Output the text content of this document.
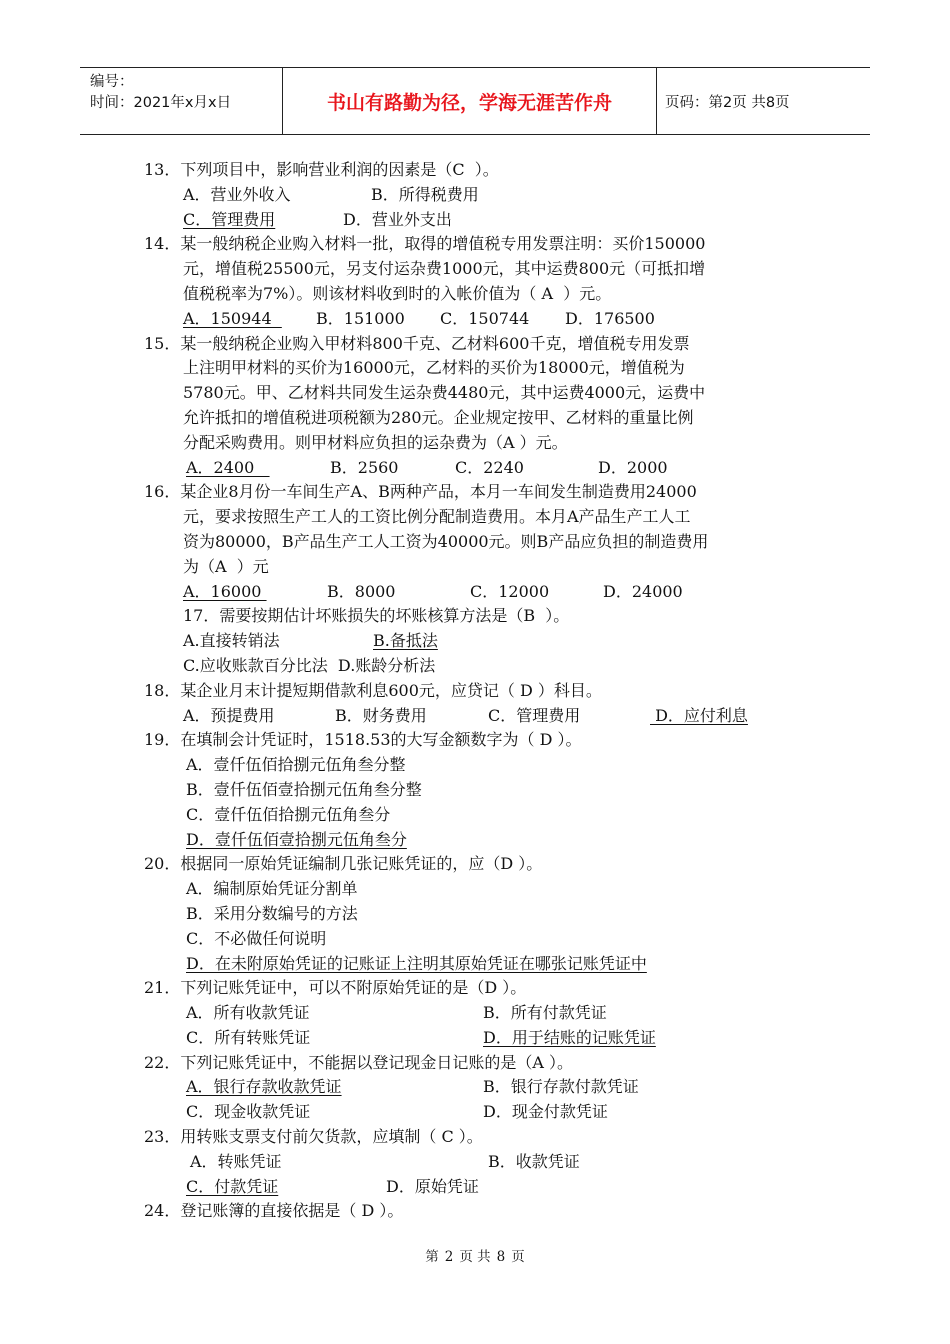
编号：
时间：2021年x月x日	书山有路勤为径，学海无涯苦作舟	页码：第2页 共8页
13．下列项目中，影响营业利润的因素是（C  ）。
A．营业外收入	B．所得税费用
C．管理费用	D．营业外支出
14．某一般纳税企业购入材料一批，取得的增值税专用发票注明：买价150000
元，增值税25500元，另支付运杂费1000元，其中运费800元（可抵扣增
值税税率为7%）。则该材料收到时的入帐价值为（ A  ）元。
A．150944 B．151000 C．150744 D．176500
15．某一般纳税企业购入甲材料800千克、乙材料600千克，增值税专用发票
上注明甲材料的买价为16000元，乙材料的买价为18000元，增值税为
5780元。甲、乙材料共同发生运杂费4480元，其中运费4000元，运费中
允许抵扣的增值税进项税额为280元。企业规定按甲、乙材料的重量比例
分配采购费用。则甲材料应负担的运杂费为（A ）元。
A．2400	B．2560	C．2240	D．2000
16．某企业8月份一车间生产A、B两种产品，本月一车间发生制造费用24000
元，要求按照生产工人的工资比例分配制造费用。本月A产品生产工人工
资为80000，B产品生产工人工资为40000元。则B产品应负担的制造费用
为（A  ）元
A．16000	B．8000	C．12000	D．24000
17．需要按期估计坏账损失的坏账核算方法是（B  ）。
A.直接转销法	B.备抵法
C.应收账款百分比法  D.账龄分析法
18．某企业月末计提短期借款利息600元，应贷记（ D ）科目。
A．预提费用	B．财务费用	C．管理费用	D．应付利息
19．在填制会计凭证时，1518.53的大写金额数字为（ D ）。
A．壹仟伍佰拾捌元伍角叁分整
B．壹仟伍佰壹拾捌元伍角叁分整
C．壹仟伍佰拾捌元伍角叁分
D．壹仟伍佰壹拾捌元伍角叁分
20．根据同一原始凭证编制几张记账凭证的，应（D ）。
A．编制原始凭证分割单
B．采用分数编号的方法
C．不必做任何说明
D．在未附原始凭证的记账证上注明其原始凭证在哪张记账凭证中
21．下列记账凭证中，可以不附原始凭证的是（D ）。
A．所有收款凭证	B．所有付款凭证
C．所有转账凭证	D．用于结账的记账凭证
22．下列记账凭证中，不能据以登记现金日记账的是（A ）。
A．银行存款收款凭证	B．银行存款付款凭证
C．现金收款凭证	D．现金付款凭证
23．用转账支票支付前欠货款，应填制（ C ）。
A．转账凭证	B．收款凭证
C．付款凭证	D．原始凭证
24．登记账簿的直接依据是（ D ）。
第 2 页 共 8 页
